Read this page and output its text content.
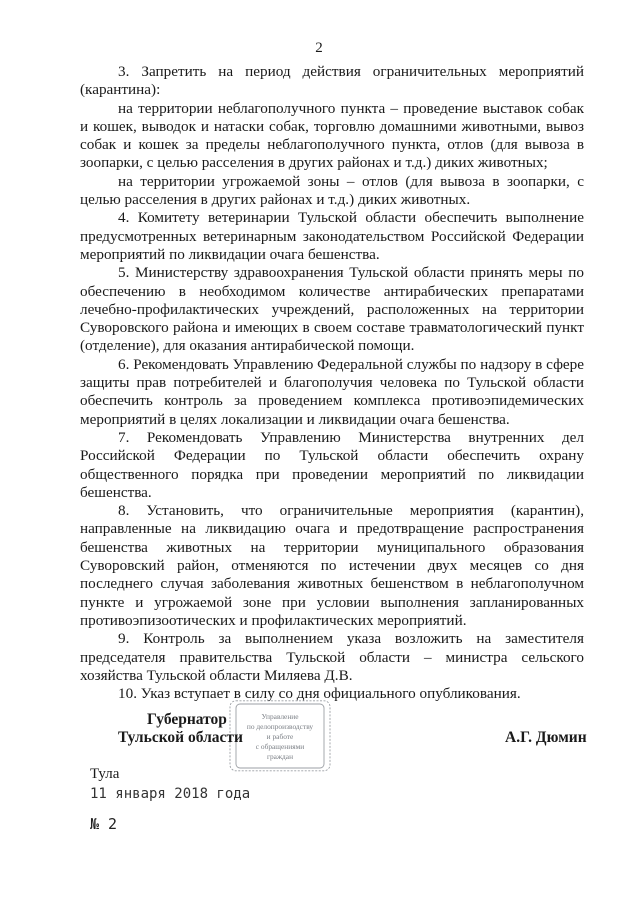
2

3. Запретить на период действия ограничительных мероприятий (карантина):

на территории неблагополучного пункта – проведение выставок собак и кошек, выводок и натаски собак, торговлю домашними животными, вывоз собак и кошек за пределы неблагополучного пункта, отлов (для вывоза в зоопарки, с целью расселения в других районах и т.д.) диких животных;

на территории угрожаемой зоны – отлов (для вывоза в зоопарки, с целью расселения в других районах и т.д.) диких животных.

4. Комитету ветеринарии Тульской области обеспечить выполнение предусмотренных ветеринарным законодательством Российской Федерации мероприятий по ликвидации очага бешенства.

5. Министерству здравоохранения Тульской области принять меры по обеспечению в необходимом количестве антирабических препаратами лечебно-профилактических учреждений, расположенных на территории Суворовского района и имеющих в своем составе травматологический пункт (отделение), для оказания антирабической помощи.

6. Рекомендовать Управлению Федеральной службы по надзору в сфере защиты прав потребителей и благополучия человека по Тульской области обеспечить контроль за проведением комплекса противоэпидемических мероприятий в целях локализации и ликвидации очага бешенства.

7. Рекомендовать Управлению Министерства внутренних дел Российской Федерации по Тульской области обеспечить охрану общественного порядка при проведении мероприятий по ликвидации бешенства.

8. Установить, что ограничительные мероприятия (карантин), направленные на ликвидацию очага и предотвращение распространения бешенства животных на территории муниципального образования Суворовский район, отменяются по истечении двух месяцев со дня последнего случая заболевания животных бешенством в неблагополучном пункте и угрожаемой зоне при условии выполнения запланированных противоэпизоотических и профилактических мероприятий.

9. Контроль за выполнением указа возложить на заместителя председателя правительства Тульской области – министра сельского хозяйства Тульской области Миляева Д.В.

10. Указ вступает в силу со дня официального опубликования.

Управление
по делопроизводству
и работе
с обращениями
граждан
Губернатор
Тульской области	А.Г. Дюмин
Тула
11 января 2018 года
№ 2
